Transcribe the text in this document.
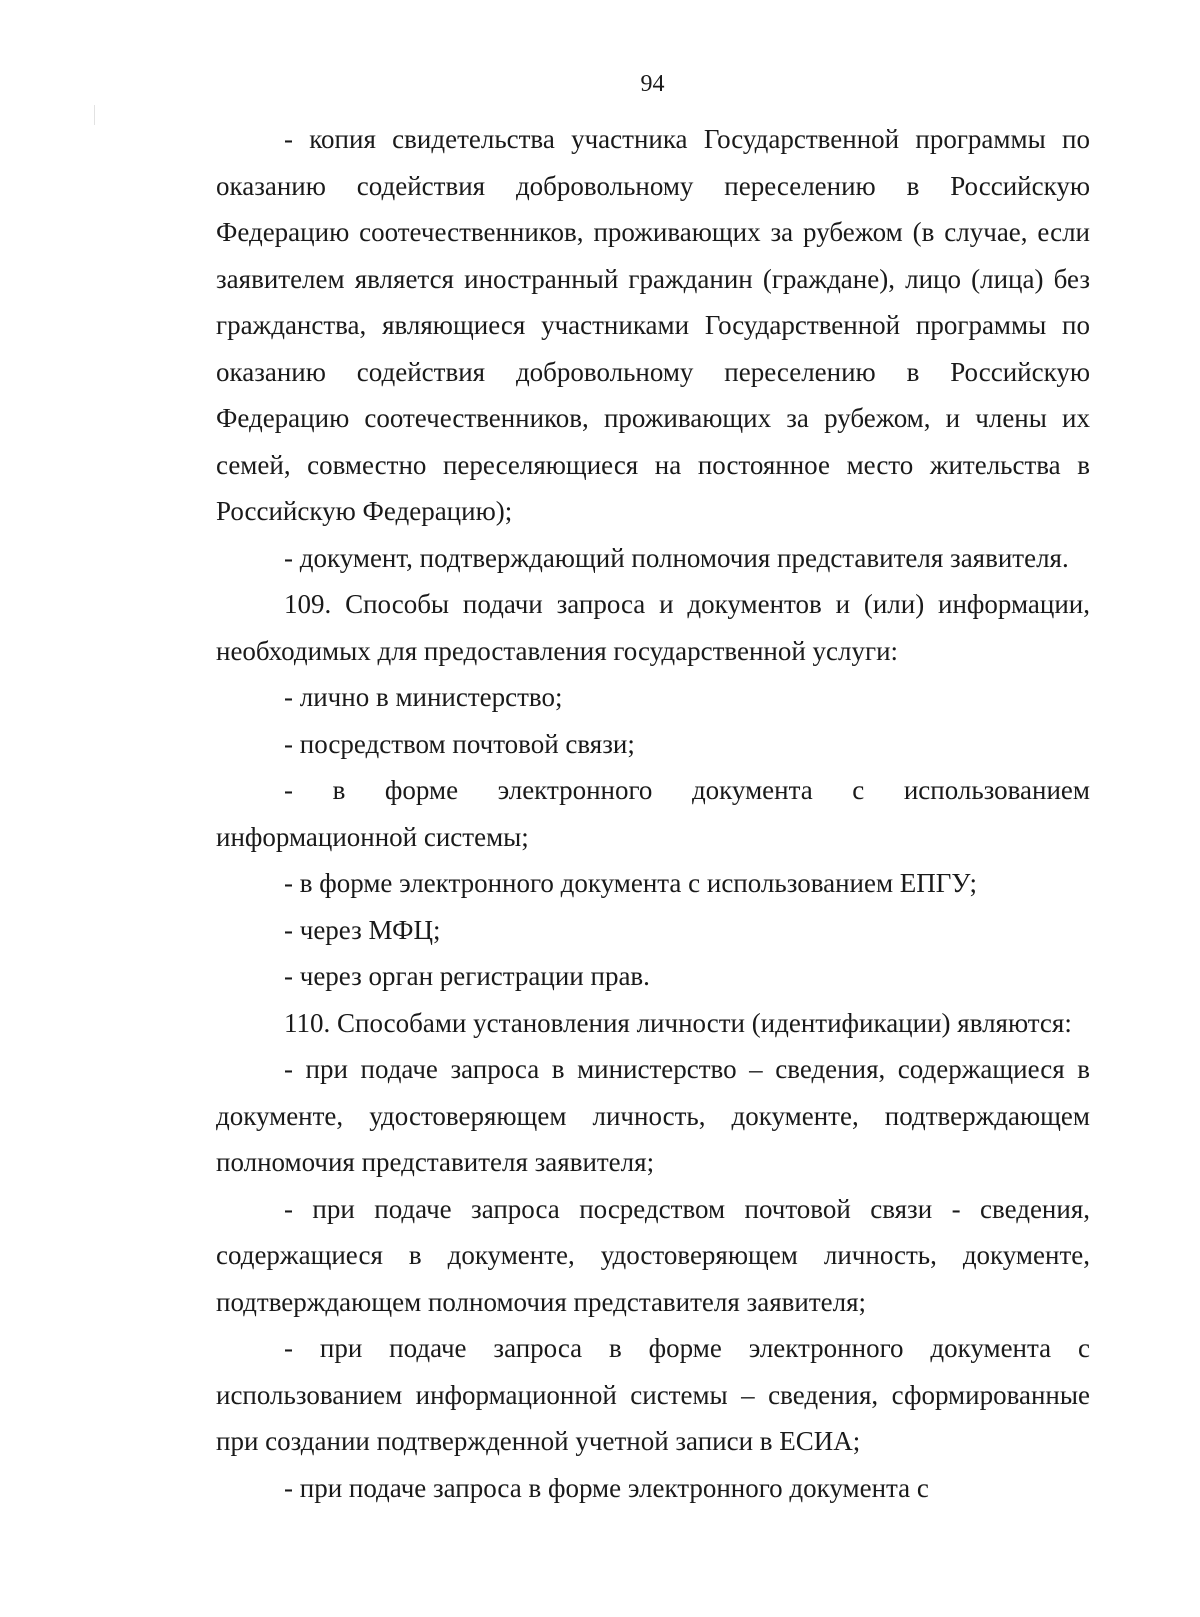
94

- копия свидетельства участника Государственной программы по оказанию содействия добровольному переселению в Российскую Федерацию соотечественников, проживающих за рубежом (в случае, если заявителем является иностранный гражданин (граждане), лицо (лица) без гражданства, являющиеся участниками Государственной программы по оказанию содействия добровольному переселению в Российскую Федерацию соотечественников, проживающих за рубежом, и члены их семей, совместно переселяющиеся на постоянное место жительства в Российскую Федерацию);

- документ, подтверждающий полномочия представителя заявителя.

109. Способы подачи запроса и документов и (или) информации, необходимых для предоставления государственной услуги:

- лично в министерство;

- посредством почтовой связи;

- в форме электронного документа с использованием информационной системы;

- в форме электронного документа с использованием ЕПГУ;

- через МФЦ;

- через орган регистрации прав.

110. Способами установления личности (идентификации) являются:

- при подаче запроса в министерство – сведения, содержащиеся в документе, удостоверяющем личность, документе, подтверждающем полномочия представителя заявителя;

- при подаче запроса посредством почтовой связи - сведения, содержащиеся в документе, удостоверяющем личность, документе, подтверждающем полномочия представителя заявителя;

- при подаче запроса в форме электронного документа с использованием информационной системы – сведения, сформированные при создании подтвержденной учетной записи в ЕСИА;

- при подаче запроса в форме электронного документа с
